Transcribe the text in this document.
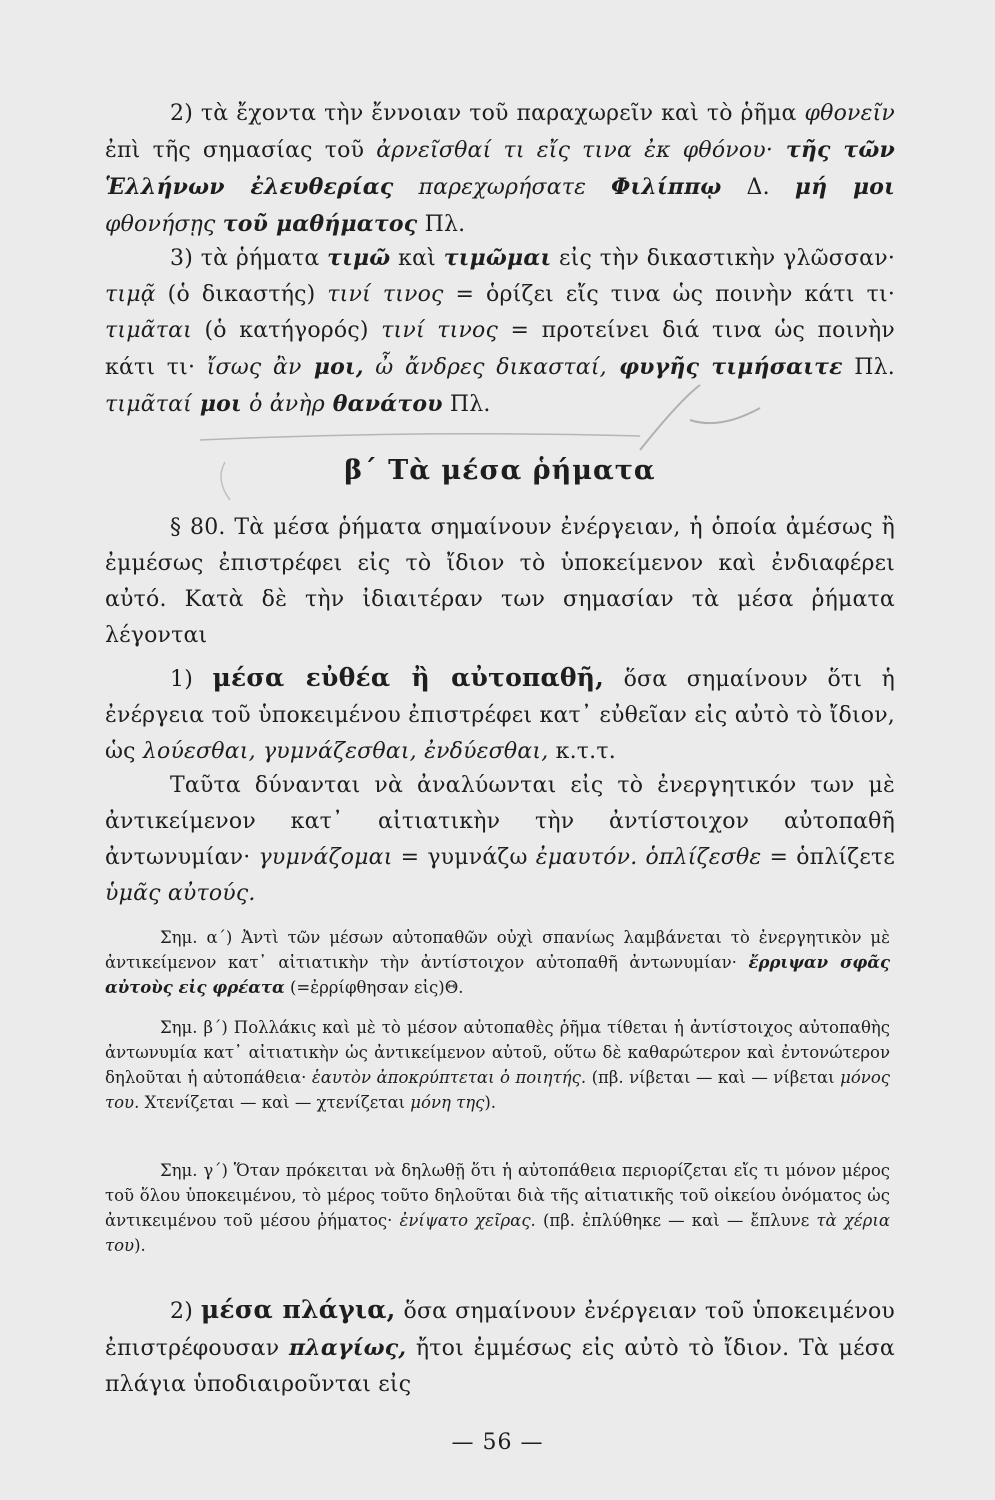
2) τὰ ἔχοντα τὴν ἔννοιαν τοῦ παραχωρεῖν καὶ τὸ ῥῆμα φθονεῖν ἐπὶ τῆς σημασίας τοῦ ἀρνεῖσθαί τι εἴς τινα ἐκ φθόνου· τῆς τῶν Ἑλλήνων ἐλευθερίας παρεχωρήσατε Φιλίππῳ Δ. μή μοι φθονήσῃς τοῦ μαθήματος Πλ.

3) τὰ ῥήματα τιμῶ καὶ τιμῶμαι εἰς τὴν δικαστικὴν γλῶσσαν· τιμᾷ (ὁ δικαστής) τινί τινος = ὁρίζει εἴς τινα ὡς ποινὴν κάτι τι· τιμᾶται (ὁ κατήγορός) τινί τινος = προτείνει διά τινα ὡς ποινὴν κάτι τι· ἴσως ἂν μοι, ὦ ἄνδρες δικασταί, φυγῆς τιμήσαιτε Πλ. τιμᾶταί μοι ὁ ἀνὴρ θανάτου Πλ.

β΄ Τὰ μέσα ῥήματα

§ 80. Τὰ μέσα ῥήματα σημαίνουν ἐνέργειαν, ἡ ὁποία ἀμέσως ἢ ἐμμέσως ἐπιστρέφει εἰς τὸ ἴδιον τὸ ὑποκείμενον καὶ ἐνδιαφέρει αὐτό. Κατὰ δὲ τὴν ἰδιαιτέραν των σημασίαν τὰ μέσα ῥήματα λέγονται

1) μέσα εὐθέα ἢ αὐτοπαθῆ, ὅσα σημαίνουν ὅτι ἡ ἐνέργεια τοῦ ὑποκειμένου ἐπιστρέφει κατ᾿ εὐθεῖαν εἰς αὐτὸ τὸ ἴδιον, ὡς λούεσθαι, γυμνάζεσθαι, ἐνδύεσθαι, κ.τ.τ.

Ταῦτα δύνανται νὰ ἀναλύωνται εἰς τὸ ἐνεργητικόν των μὲ ἀντικείμενον κατ᾿ αἰτιατικὴν τὴν ἀντίστοιχον αὐτοπαθῆ ἀντωνυμίαν· γυμνάζομαι = γυμνάζω ἐμαυτόν. ὁπλίζεσθε = ὁπλίζετε ὑμᾶς αὐτούς.

Σημ. α΄) Ἀντὶ τῶν μέσων αὐτοπαθῶν οὐχὶ σπανίως λαμβάνεται τὸ ἐνεργητικὸν μὲ ἀντικείμενον κατ᾿ αἰτιατικὴν τὴν ἀντίστοιχον αὐτοπαθῆ ἀντωνυμίαν· ἔρριψαν σφᾶς αὐτοὺς εἰς φρέατα (=ἐρρίφθησαν εἰς)Θ.

Σημ. β΄) Πολλάκις καὶ μὲ τὸ μέσον αὐτοπαθὲς ῥῆμα τίθεται ἡ ἀντίστοιχος αὐτοπαθὴς ἀντωνυμία κατ᾿ αἰτιατικὴν ὡς ἀντικείμενον αὐτοῦ, οὕτω δὲ καθαρώτερον καὶ ἐντονώτερον δηλοῦται ἡ αὐτοπάθεια· ἑαυτὸν ἀποκρύπτεται ὁ ποιητής. (πβ. νίβεται — καὶ — νίβεται μόνος του. Χτενίζεται — καὶ — χτενίζεται μόνη της).

Σημ. γ΄) Ὅταν πρόκειται νὰ δηλωθῇ ὅτι ἡ αὐτοπάθεια περιορίζεται εἴς τι μόνον μέρος τοῦ ὅλου ὑποκειμένου, τὸ μέρος τοῦτο δηλοῦται διὰ τῆς αἰτιατικῆς τοῦ οἰκείου ὀνόματος ὡς ἀντικειμένου τοῦ μέσου ῥήματος· ἐνίψατο χεῖρας. (πβ. ἐπλύθηκε — καὶ — ἔπλυνε τὰ χέρια του).

2) μέσα πλάγια, ὅσα σημαίνουν ἐνέργειαν τοῦ ὑποκειμένου ἐπιστρέφουσαν πλαγίως, ἤτοι ἐμμέσως εἰς αὐτὸ τὸ ἴδιον. Τὰ μέσα πλάγια ὑποδιαιροῦνται εἰς

— 56 —
